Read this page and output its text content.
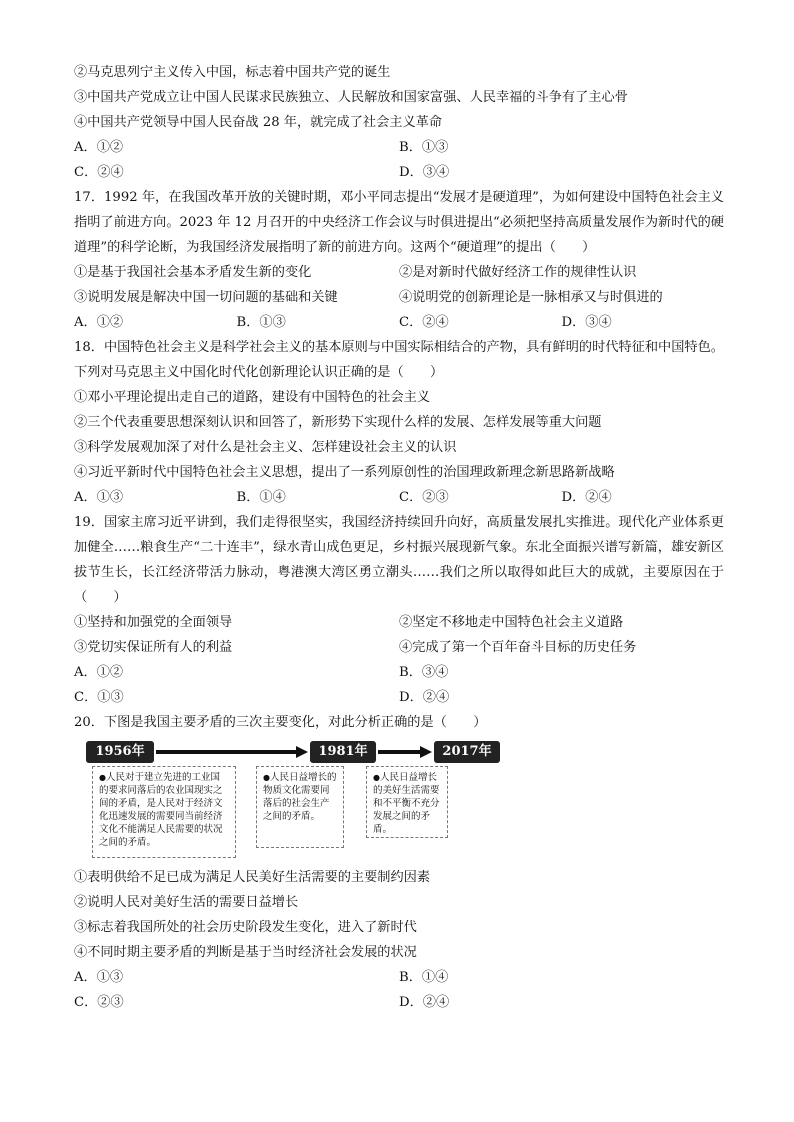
②马克思列宁主义传入中国，标志着中国共产党的诞生
③中国共产党成立让中国人民谋求民族独立、人民解放和国家富强、人民幸福的斗争有了主心骨
④中国共产党领导中国人民奋战 28 年，就完成了社会主义革命
A．①②	B．①③
C．②④	D．③④
17．1992 年，在我国改革开放的关键时期，邓小平同志提出“发展才是硬道理”，为如何建设中国特色社会主义指明了前进方向。2023 年 12 月召开的中央经济工作会议与时俱进提出“必须把坚持高质量发展作为新时代的硬道理”的科学论断，为我国经济发展指明了新的前进方向。这两个“硬道理”的提出（　　）
①是基于我国社会基本矛盾发生新的变化	②是对新时代做好经济工作的规律性认识
③说明发展是解决中国一切问题的基础和关键	④说明党的创新理论是一脉相承又与时俱进的
A．①②	B．①③	C．②④	D．③④
18．中国特色社会主义是科学社会主义的基本原则与中国实际相结合的产物，具有鲜明的时代特征和中国特色。下列对马克思主义中国化时代化创新理论认识正确的是（　　）
①邓小平理论提出走自己的道路，建设有中国特色的社会主义
②三个代表重要思想深刻认识和回答了，新形势下实现什么样的发展、怎样发展等重大问题
③科学发展观加深了对什么是社会主义、怎样建设社会主义的认识
④习近平新时代中国特色社会主义思想，提出了一系列原创性的治国理政新理念新思路新战略
A．①③	B．①④	C．②③	D．②④
19．国家主席习近平讲到，我们走得很坚实，我国经济持续回升向好，高质量发展扎实推进。现代化产业体系更加健全……粮食生产“二十连丰”，绿水青山成色更足，乡村振兴展现新气象。东北全面振兴谱写新篇，雄安新区拔节生长，长江经济带活力脉动，粤港澳大湾区勇立潮头……我们之所以取得如此巨大的成就，主要原因在于（　　）
①坚持和加强党的全面领导	②坚定不移地走中国特色社会主义道路
③党切实保证所有人的利益	④完成了第一个百年奋斗目标的历史任务
A．①②	B．③④
C．①③	D．②④
20．下图是我国主要矛盾的三次主要变化，对此分析正确的是（　　）
1956年	1981年	2017年
●人民对于建立先进的工业国的要求同落后的农业国现实之间的矛盾，是人民对于经济文化迅速发展的需要同当前经济文化不能满足人民需要的状况之间的矛盾。
●人民日益增长的物质文化需要同落后的社会生产之间的矛盾。
●人民日益增长的美好生活需要和不平衡不充分发展之间的矛盾。
①表明供给不足已成为满足人民美好生活需要的主要制约因素
②说明人民对美好生活的需要日益增长
③标志着我国所处的社会历史阶段发生变化，进入了新时代
④不同时期主要矛盾的判断是基于当时经济社会发展的状况
A．①③	B．①④
C．②③	D．②④
